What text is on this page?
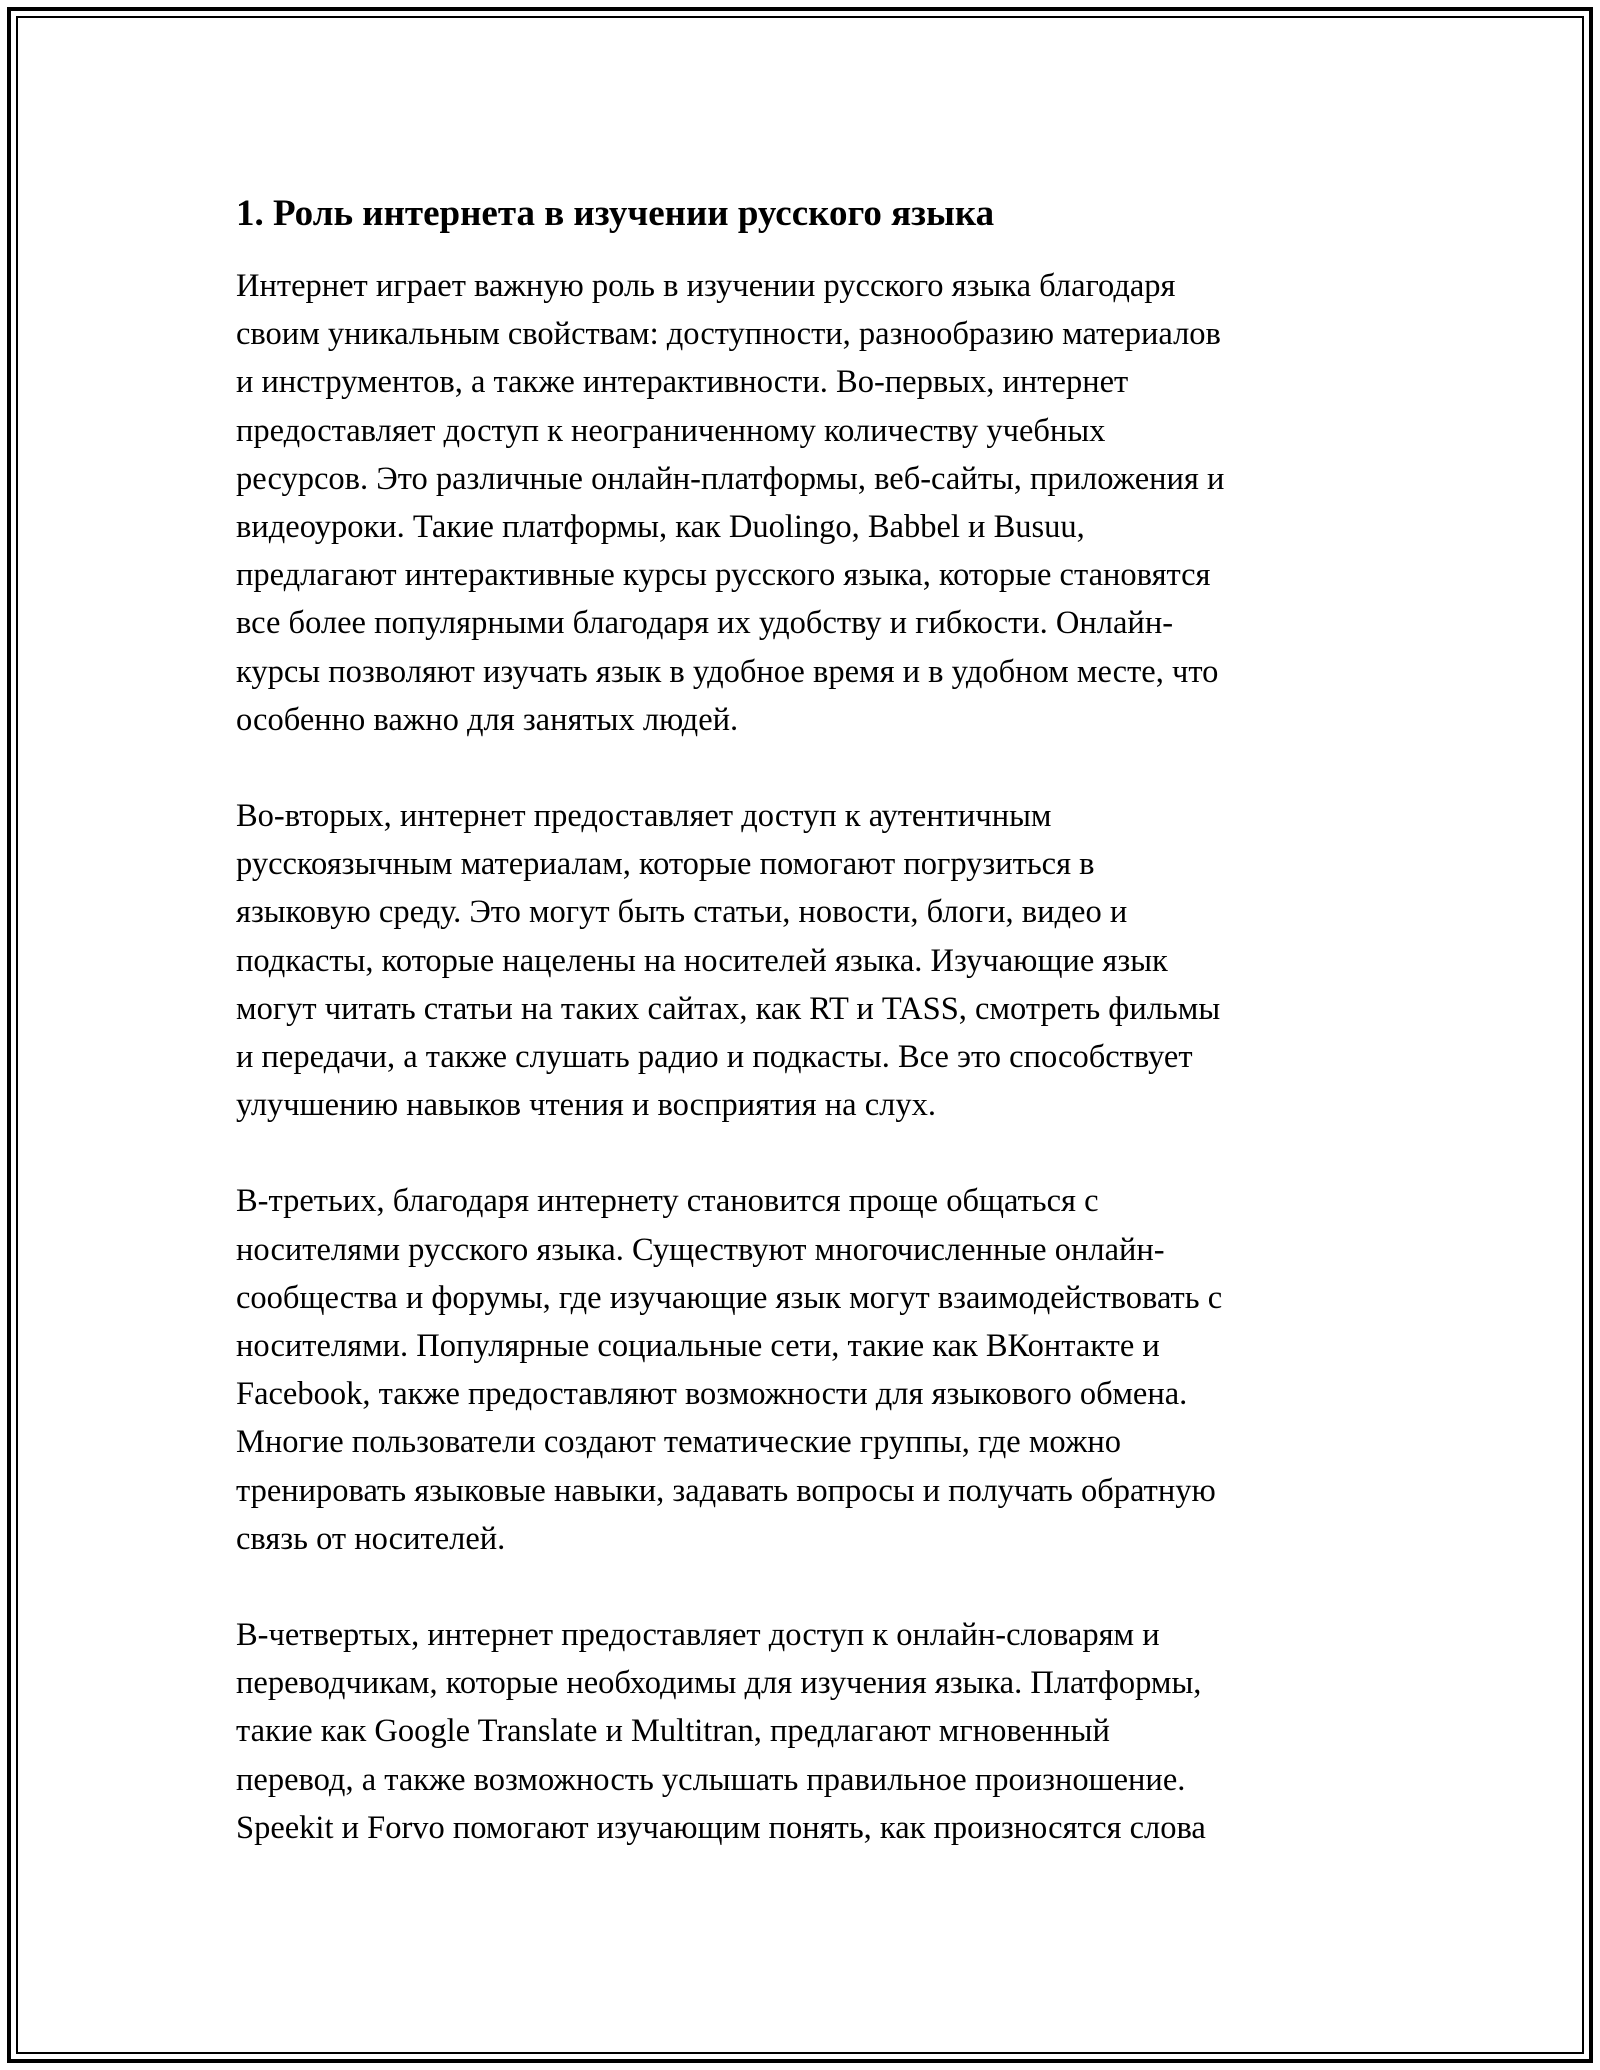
1. Роль интернета в изучении русского языка
Интернет играет важную роль в изучении русского языка благодаря
своим уникальным свойствам: доступности, разнообразию материалов
и инструментов, а также интерактивности. Во-первых, интернет
предоставляет доступ к неограниченному количеству учебных
ресурсов. Это различные онлайн-платформы, веб-сайты, приложения и
видеоуроки. Такие платформы, как Duolingo, Babbel и Busuu,
предлагают интерактивные курсы русского языка, которые становятся
все более популярными благодаря их удобству и гибкости. Онлайн-
курсы позволяют изучать язык в удобное время и в удобном месте, что
особенно важно для занятых людей.
Во-вторых, интернет предоставляет доступ к аутентичным
русскоязычным материалам, которые помогают погрузиться в
языковую среду. Это могут быть статьи, новости, блоги, видео и
подкасты, которые нацелены на носителей языка. Изучающие язык
могут читать статьи на таких сайтах, как RT и TASS, смотреть фильмы
и передачи, а также слушать радио и подкасты. Все это способствует
улучшению навыков чтения и восприятия на слух.
В-третьих, благодаря интернету становится проще общаться с
носителями русского языка. Существуют многочисленные онлайн-
сообщества и форумы, где изучающие язык могут взаимодействовать с
носителями. Популярные социальные сети, такие как ВКонтакте и
Facebook, также предоставляют возможности для языкового обмена.
Многие пользователи создают тематические группы, где можно
тренировать языковые навыки, задавать вопросы и получать обратную
связь от носителей.
В-четвертых, интернет предоставляет доступ к онлайн-словарям и
переводчикам, которые необходимы для изучения языка. Платформы,
такие как Google Translate и Multitran, предлагают мгновенный
перевод, а также возможность услышать правильное произношение.
Speekit и Forvo помогают изучающим понять, как произносятся слова
